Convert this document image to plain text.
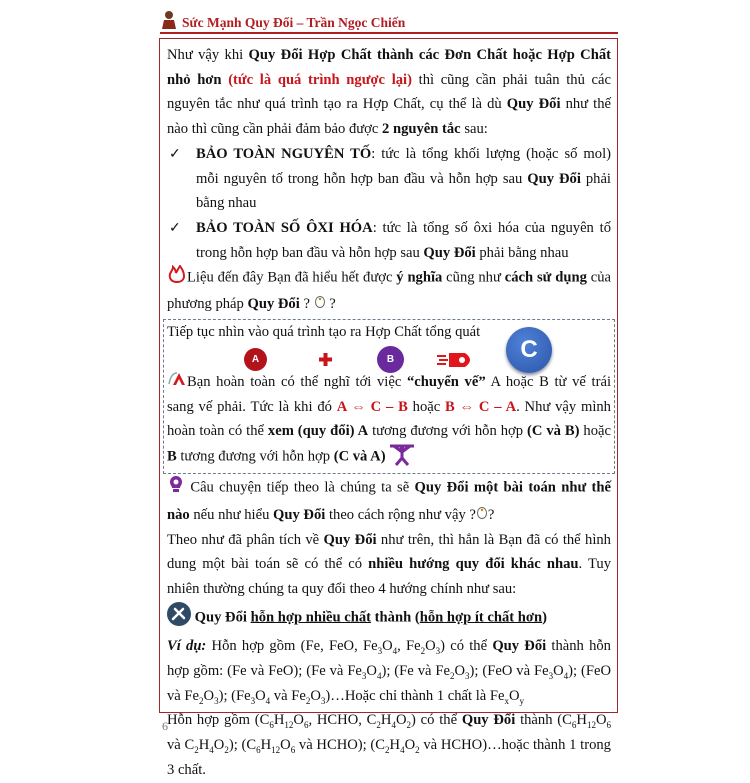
Sức Mạnh Quy Đổi – Trần Ngọc Chiến

Như vậy khi Quy Đổi Hợp Chất thành các Đơn Chất hoặc Hợp Chất nhỏ hơn (tức là quá trình ngược lại) thì cũng cần phải tuân thủ các nguyên tắc như quá trình tạo ra Hợp Chất, cụ thể là dù Quy Đổi như thế nào thì cũng cần phải đảm bảo được 2 nguyên tắc sau:

✓ BẢO TOÀN NGUYÊN TỐ: tức là tổng khối lượng (hoặc số mol) mỗi nguyên tố trong hỗn hợp ban đầu và hỗn hợp sau Quy Đổi phải bằng nhau

✓ BẢO TOÀN SỐ ÔXI HÓA: tức là tổng số ôxi hóa của nguyên tố trong hỗn hợp ban đầu và hỗn hợp sau Quy Đổi phải bằng nhau

Liệu đến đây Bạn đã hiểu hết được ý nghĩa cũng như cách sử dụng của phương pháp Quy Đổi ?  ?

Tiếp tục nhìn vào quá trình tạo ra Hợp Chất tổng quát

A	B	C

Bạn hoàn toàn có thể nghĩ tới việc “chuyển vế” A hoặc B từ vế trái sang vế phải. Tức là khi đó A ⇔ C – B hoặc B ⇔ C – A. Như vậy mình hoàn toàn có thể xem (quy đổi) A tương đương với hỗn hợp (C và B) hoặc B tương đương với hỗn hợp (C và A)

Câu chuyện tiếp theo là chúng ta sẽ Quy Đổi một bài toán như thế nào nếu như hiểu Quy Đổi theo cách rộng như vậy ? ?

Theo như đã phân tích về Quy Đổi như trên, thì hẳn là Bạn đã có thể hình dung một bài toán sẽ có thể có nhiều hướng quy đổi khác nhau. Tuy nhiên thường chúng ta quy đổi theo 4 hướng chính như sau:

Quy Đổi hỗn hợp nhiều chất thành (hỗn hợp ít chất hơn)

Ví dụ: Hỗn hợp gồm (Fe, FeO, $Fe_3O_4$, $Fe_2O_3$) có thể Quy Đổi thành hỗn hợp gồm: (Fe và FeO); (Fe và $Fe_3O_4$); (Fe và $Fe_2O_3$); (FeO và $Fe_3O_4$); (FeO và $Fe_2O_3$); ($Fe_3O_4$ và $Fe_2O_3)\dots Hoặc$ chỉ thành 1 chất là $Fe_xO_y$

Hỗn hợp gồm ($C_6H_{12}O_6$, HCHO, $C_2H_4O_2$) có thể Quy Đổi thành ($C_6H_{12}O_6$ và $C_2H_4O_2$); ($C_6H_{12}O_6$ và HCHO); ($C_2H_4O_2$ và HCHO)…hoặc thành 1 trong 3 chất.

6
